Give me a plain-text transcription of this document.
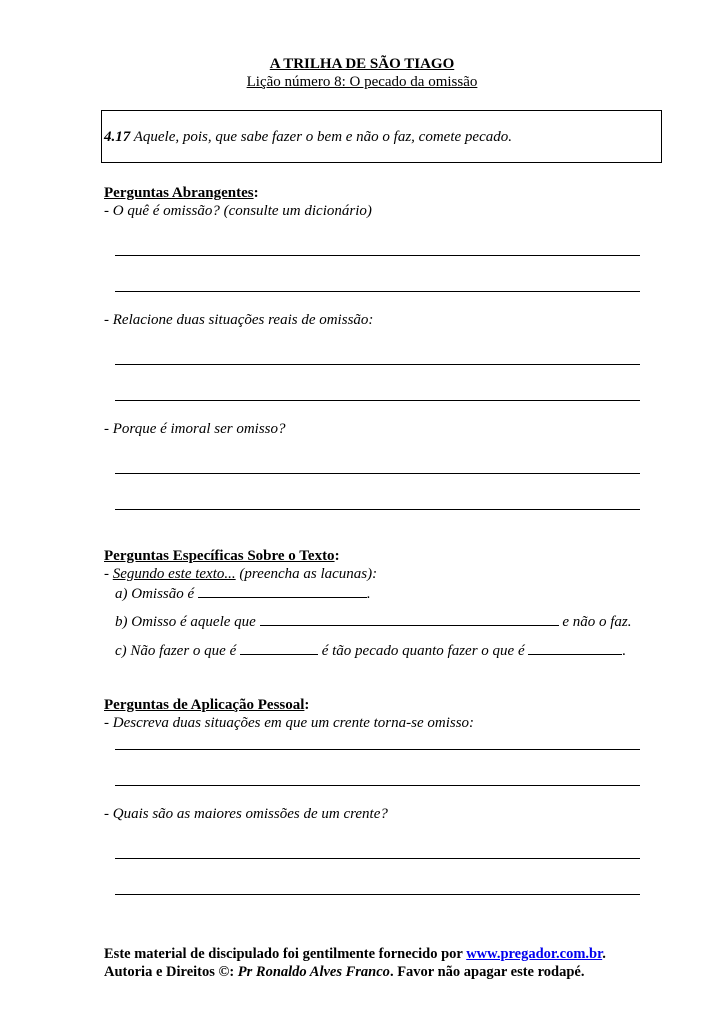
A TRILHA DE SÃO TIAGO
Lição número 8: O pecado da omissão
4.17 Aquele, pois, que sabe fazer o bem e não o faz, comete pecado.
Perguntas Abrangentes:
- O quê é omissão? (consulte um dicionário)
- Relacione duas situações reais de omissão:
- Porque é imoral ser omisso?
Perguntas Específicas Sobre o Texto:
- Segundo este texto... (preencha as lacunas):
a) Omissão é	.
b) Omisso é aquele que	e não o faz.
c) Não fazer o que é	é tão pecado quanto fazer o que é	.
Perguntas de Aplicação Pessoal:
- Descreva duas situações em que um crente torna-se omisso:
- Quais são as maiores omissões de um crente?
Este material de discipulado foi gentilmente fornecido por www.pregador.com.br.
Autoria e Direitos ©: Pr Ronaldo Alves Franco. Favor não apagar este rodapé.
